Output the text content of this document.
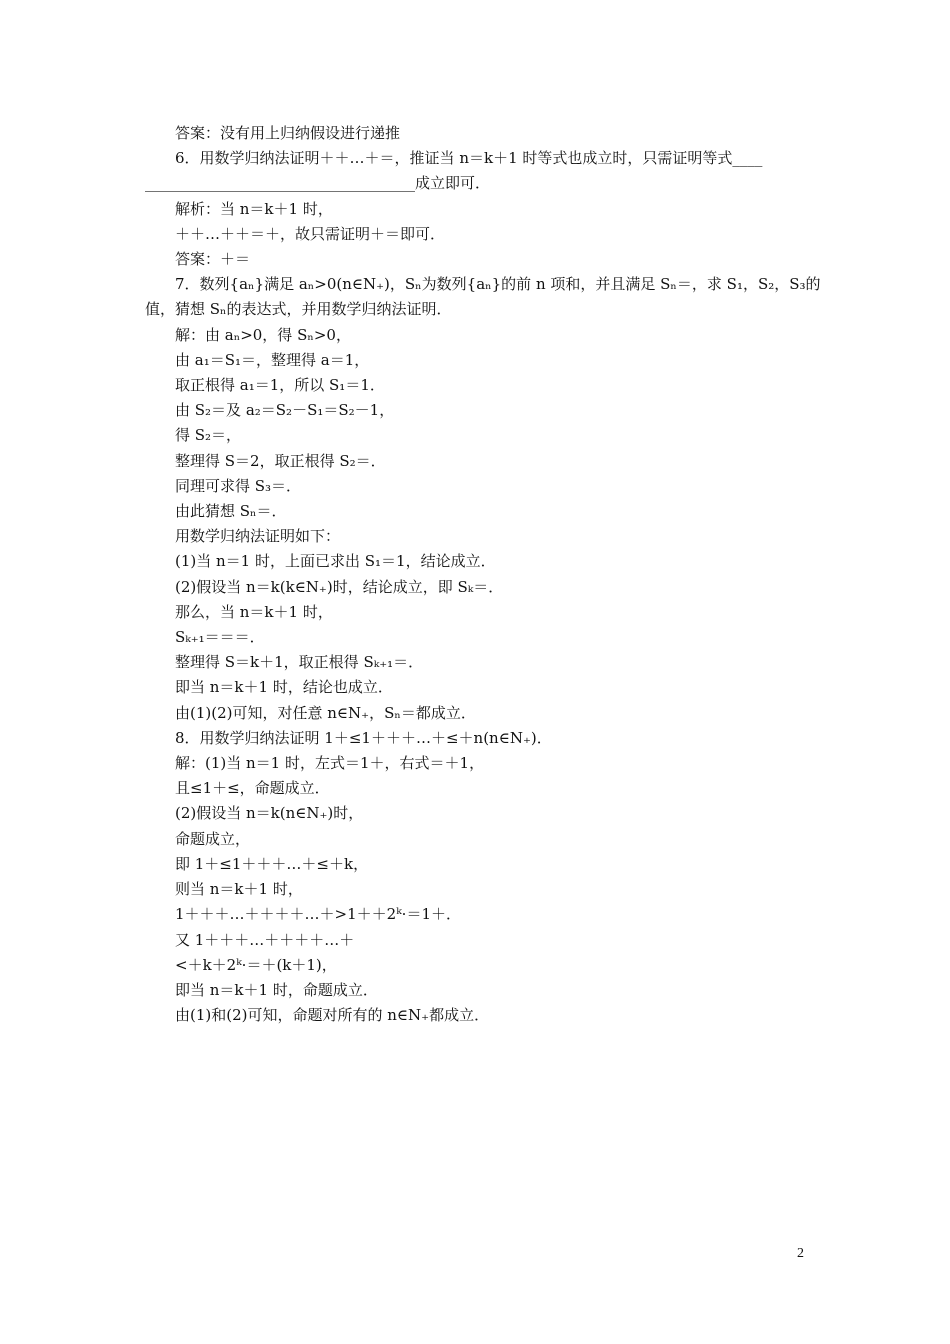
答案：没有用上归纳假设进行递推
6．用数学归纳法证明＋＋…＋＝，推证当 n＝k＋1 时等式也成立时，只需证明等式____
____________________________________成立即可．
解析：当 n＝k＋1 时，
＋＋…＋＋＝＋，故只需证明＋＝即可．
答案：＋＝
7．数列{aₙ}满足 aₙ>0(n∈N₊)，Sₙ为数列{aₙ}的前 n 项和，并且满足 Sₙ＝，求 S₁，S₂，S₃的
值，猜想 Sₙ的表达式，并用数学归纳法证明．
解：由 aₙ>0，得 Sₙ>0，
由 a₁＝S₁＝，整理得 a＝1，
取正根得 a₁＝1，所以 S₁＝1．
由 S₂＝及 a₂＝S₂－S₁＝S₂－1，
得 S₂＝，
整理得 S＝2，取正根得 S₂＝．
同理可求得 S₃＝．
由此猜想 Sₙ＝．
用数学归纳法证明如下：
(1)当 n＝1 时，上面已求出 S₁＝1，结论成立．
(2)假设当 n＝k(k∈N₊)时，结论成立，即 Sₖ＝．
那么，当 n＝k＋1 时，
Sₖ₊₁＝＝＝．
整理得 S＝k＋1，取正根得 Sₖ₊₁＝．
即当 n＝k＋1 时，结论也成立．
由(1)(2)可知，对任意 n∈N₊，Sₙ＝都成立．
8．用数学归纳法证明 1＋≤1＋＋＋…＋≤＋n(n∈N₊)．
解：(1)当 n＝1 时，左式＝1＋，右式＝＋1，
且≤1＋≤，命题成立．
(2)假设当 n＝k(n∈N₊)时，
命题成立，
即 1＋≤1＋＋＋…＋≤＋k，
则当 n＝k＋1 时，
1＋＋＋…＋＋＋＋…＋>1＋＋2ᵏ·＝1＋．
又 1＋＋＋…＋＋＋＋…＋
<＋k＋2ᵏ·＝＋(k＋1)，
即当 n＝k＋1 时，命题成立．
由(1)和(2)可知，命题对所有的 n∈N₊都成立．
2
